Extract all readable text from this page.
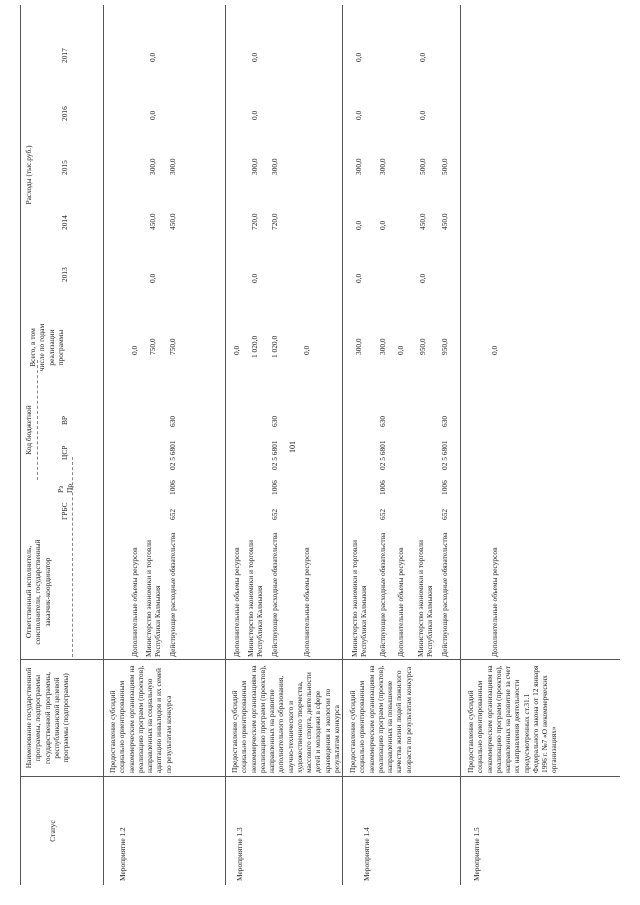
101
Статус
Наименование государственной программы, подпрограммы государственной программы, республиканской целевой программы (подпрограммы)
Ответственный исполнитель, соисполнители, государственный заказчик-координатор
Код бюджетной
ГРБС
Рз Пр
ЦСР
ВР
Всего, в том числе по годам реализации программы
Расходы (тыс.руб.)
2013
2014
2015
2016
2017
Мероприятие 1.2
Предоставление субсидий социально ориентированным некоммерческим организациям на реализацию программ (проектов), направленных на социальную адаптацию инвалидов и их семей по результатам конкурса
Дополнительные объемы ресурсов
0,0
Министерство экономики и торговли Республики Калмыкия
750,0
0,0
450,0
300,0
0,0
0,0
Действующие расходные обязательства
652
1006
02 5 6801
630
750,0
450,0
300,0
Мероприятие 1.3
Предоставление субсидий социально ориентированным некоммерческим организациям на реализацию программ (проектов), направленных на развитие дополнительного образования, научно-технического и художественного творчества, массового спорта, деятельности детей и молодежи в сфере краеведения и экологии по результатам конкурса
Дополнительные объемы ресурсов
0,0
Министерство экономики и торговли Республики Калмыкия
1 020,0
0,0
720,0
300,0
0,0
0,0
Действующие расходные обязательства
652
1006
02 5 6801
630
1 020,0
720,0
300,0
Дополнительные объемы ресурсов
0,0
Мероприятие 1.4
Предоставление субсидий социально ориентированным некоммерческим организациям на реализацию программ (проектов), направленных на повышение качества жизни людей пожилого возраста по результатам конкурса
Министерство экономики и торговли Республики Калмыкия
300,0
0,0
0,0
300,0
0,0
0,0
Действующие расходные обязательства
652
1006
02 5 6801
630
300,0
0,0
300,0
Дополнительные объемы ресурсов
0,0
Мероприятие 1.5
Предоставление субсидий социально ориентированным некоммерческим организациям на реализацию программ (проектов), направленных на развитие за счет их направления деятельности предусмотренных ст.31.1 Федерального закона от 12 января 1996 г. №7 «О некоммерческих организациях»
Министерство экономики и торговли Республики Калмыкия
950,0
0,0
450,0
500,0
0,0
0,0
Действующие расходные обязательства
652
1006
02 5 6801
630
950,0
450,0
500,0
Дополнительные объемы ресурсов
0,0
